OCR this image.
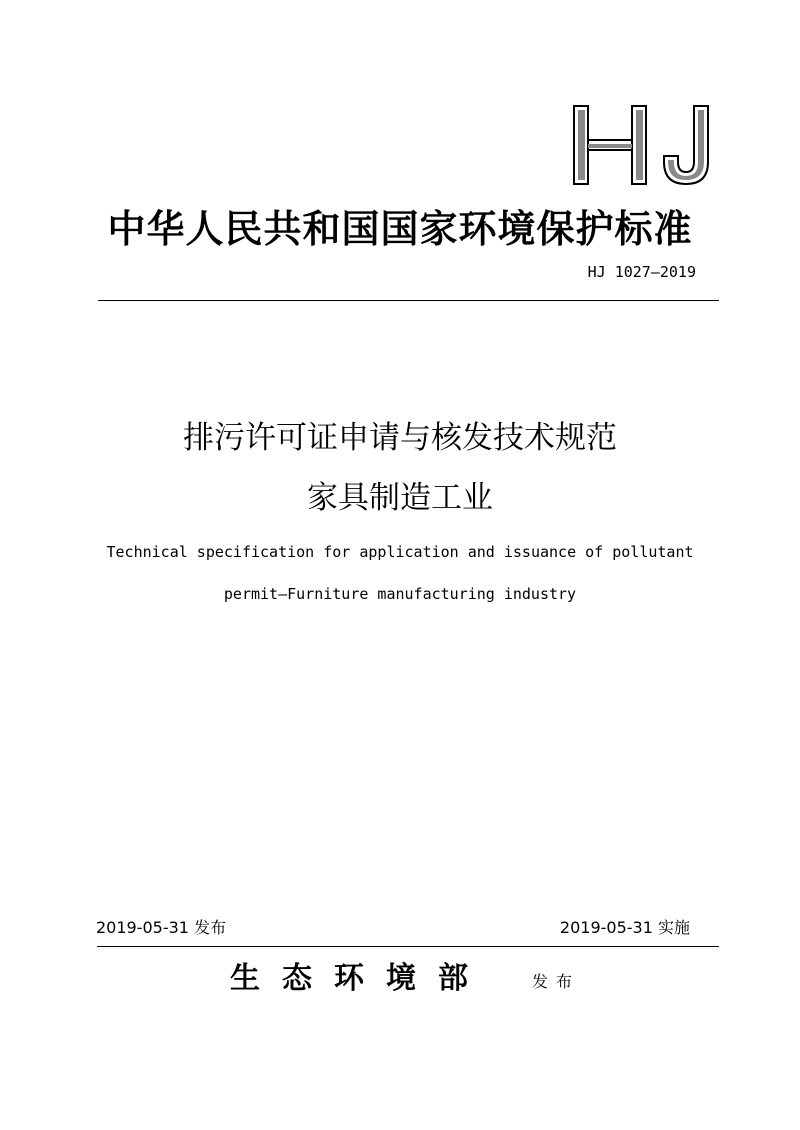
中华人民共和国国家环境保护标准
HJ 1027—2019
排污许可证申请与核发技术规范
家具制造工业
Technical specification for application and issuance of pollutant
permit—Furniture manufacturing industry
2019-05-31 发布	2019-05-31 实施
生态环境部	发布
